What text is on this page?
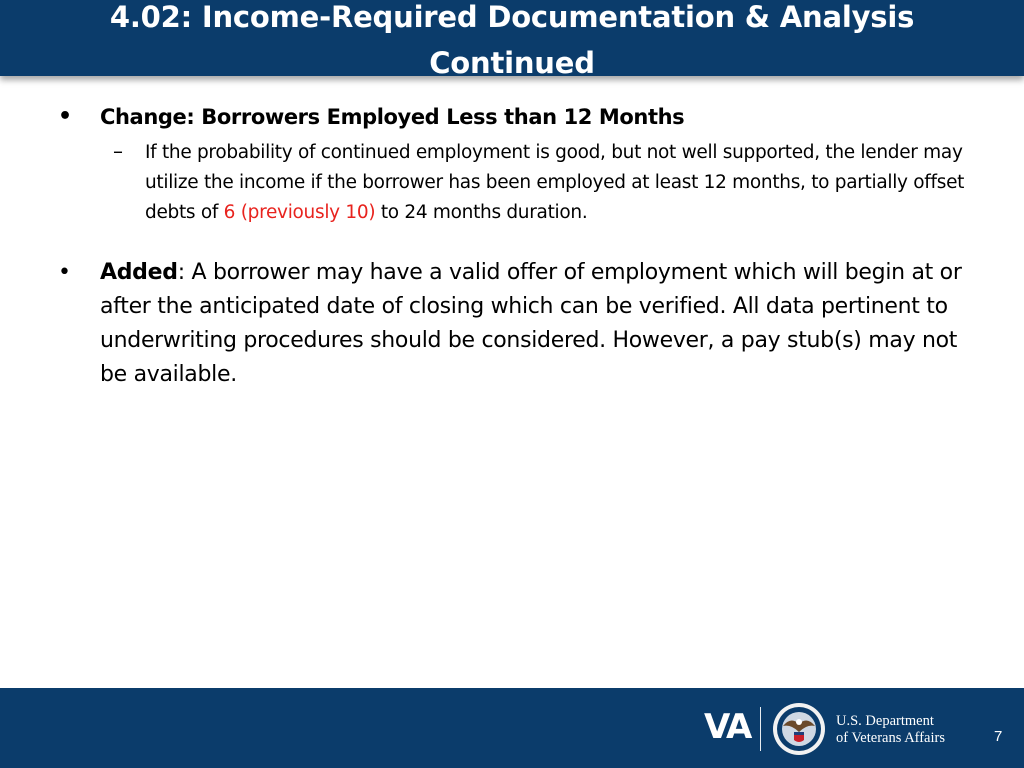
4.02: Income-Required Documentation & Analysis
Continued
• Change: Borrowers Employed Less than 12 Months
– If the probability of continued employment is good, but not well supported, the lender may utilize the income if the borrower has been employed at least 12 months, to partially offset debts of 6 (previously 10) to 24 months duration.
• Added: A borrower may have a valid offer of employment which will begin at or after the anticipated date of closing which can be verified. All data pertinent to underwriting procedures should be considered. However, a pay stub(s) may not be available.
VA	U.S. Department
of Veterans Affairs	7
